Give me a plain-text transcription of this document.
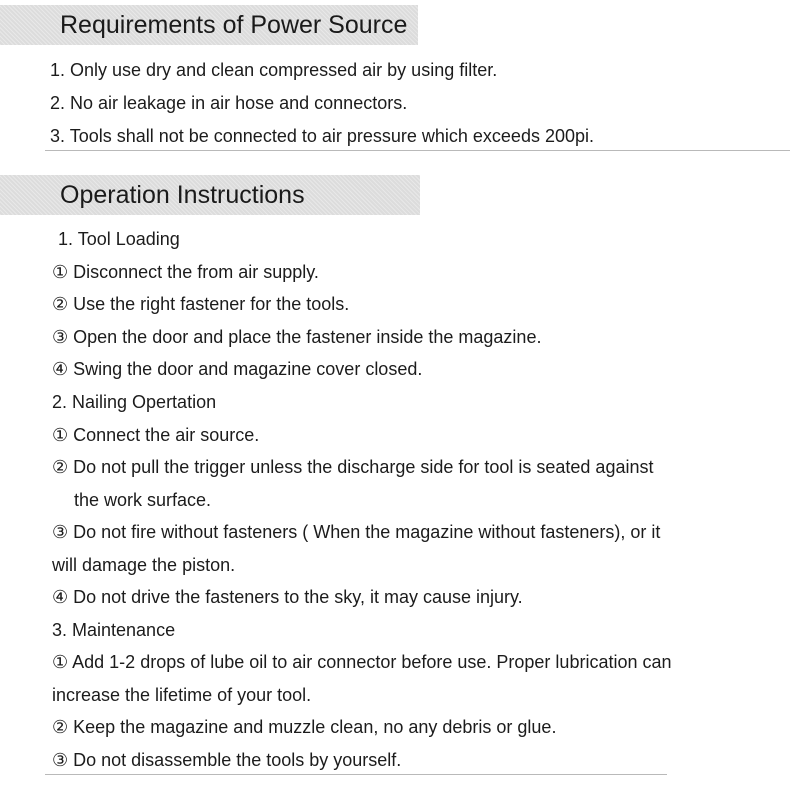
Requirements of Power Source
1. Only use dry and clean compressed air by using filter.
2. No air leakage in air hose and connectors.
3. Tools shall not be connected to air pressure which exceeds 200pi.
Operation Instructions
1. Tool Loading
① Disconnect the from air supply.
② Use the right fastener for the tools.
③ Open the door and place the fastener inside the magazine.
④ Swing the door and magazine cover closed.
2. Nailing Opertation
① Connect the air source.
② Do not pull the trigger unless the discharge side for tool is seated against
the work surface.
③ Do not fire without fasteners ( When the magazine without fasteners), or it
will damage the piston.
④ Do not drive the fasteners to the sky, it may cause injury.
3. Maintenance
① Add 1-2 drops of lube oil to air connector before use. Proper lubrication can
increase the lifetime of your tool.
② Keep the magazine and muzzle clean, no any debris or glue.
③ Do not disassemble the tools by yourself.
